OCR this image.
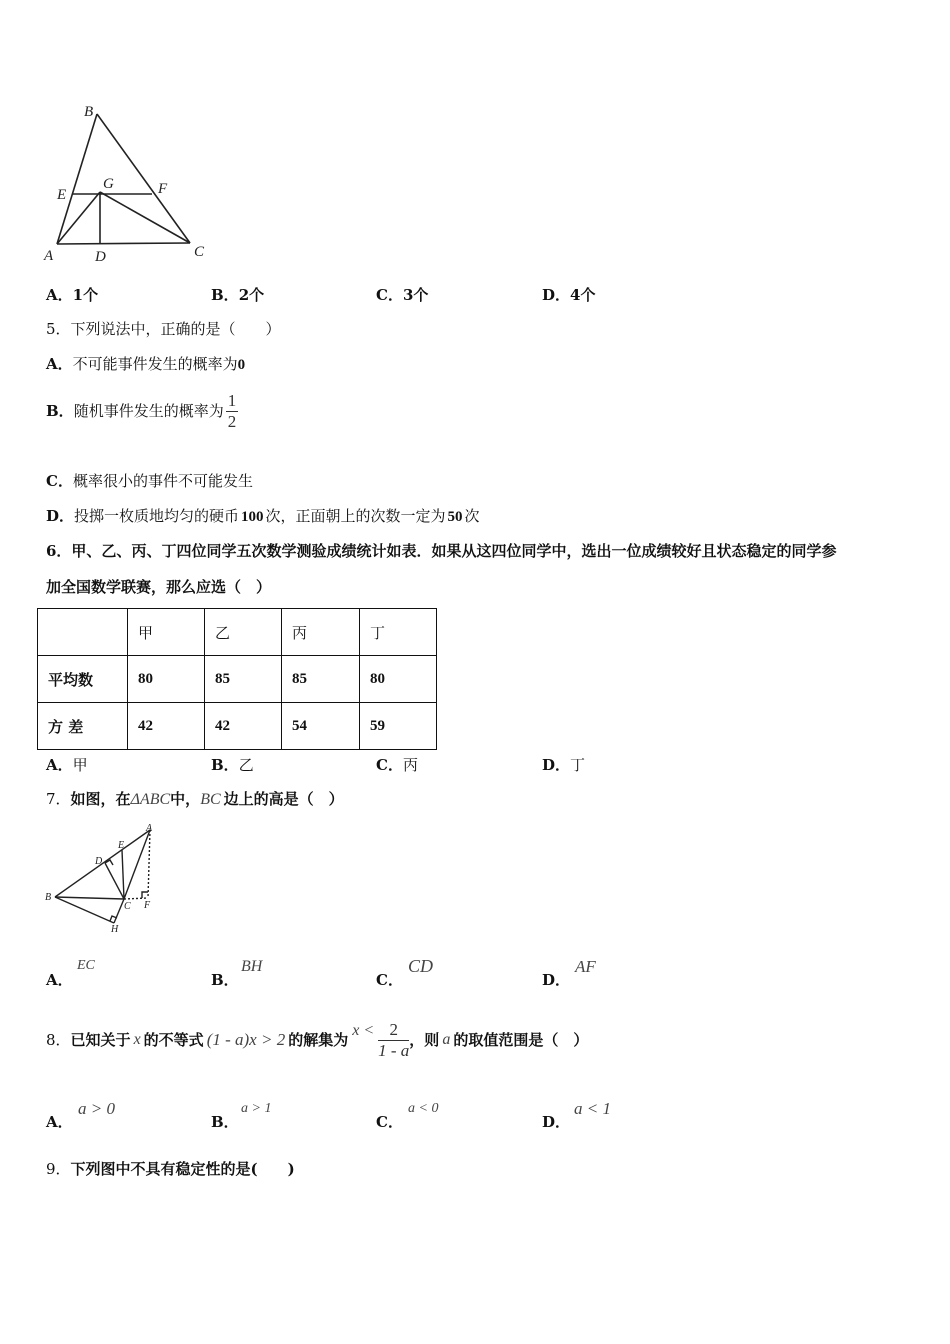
B
E
G	F
A	D	C
A．1个	B．2个	C．3个	D．4个
5．下列说法中，正确的是（　　）
A．不可能事件发生的概率为0
B． 随机事件发生的概率为 $\frac{1}{2}$
C．概率很小的事件不可能发生
D．投掷一枚质地均匀的硬币 100 次，正面朝上的次数一定为 50 次
6．甲、乙、丙、丁四位同学五次数学测验成绩统计如表．如果从这四位同学中，选出一位成绩较好且状态稳定的同学参
加全国数学联赛，那么应选（　）
	甲	乙	丙	丁
平均数	80	85	85	80
方 差	42	42	54	59
A．甲	B．乙	C．丙	D．丁
7．如图，在ΔABC中，BC 边上的高是（　）
A
E
D
B
C F
H
A．
EC
B．
BH
C．
CD
D．
AF
8． 已知关于 x 的不等式 (1 - a)x > 2 的解集为
$x < \frac{2}{1 - a}$ ，则 a 的取值范围是（　）
A．
a > 0
B．
a > 1
C．
a < 0
D．
a < 1
9．下列图中不具有稳定性的是(　　)
